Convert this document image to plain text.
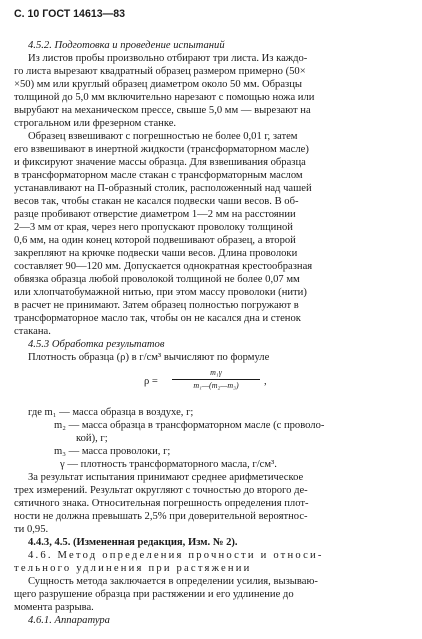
С. 10 ГОСТ 14613—83
4.5.2. Подготовка и проведение испытаний
Из листов пробы произвольно отбирают три листа. Из каждо-
го листа вырезают квадратный образец размером примерно (50×
×50) мм или круглый образец диаметром около 50 мм. Образцы
толщиной до 5,0 мм включительно нарезают с помощью ножа или
вырубают на механическом прессе, свыше 5,0 мм — вырезают на
строгальном или фрезерном станке.
Образец взвешивают с погрешностью не более 0,01 г, затем
его взвешивают в инертной жидкости (трансформаторном масле)
и фиксируют значение массы образца. Для взвешивания образца
в трансформаторном масле стакан с трансформаторным маслом
устанавливают на П-образный столик, расположенный над чашей
весов так, чтобы стакан не касался подвески чаши весов. В об-
разце пробивают отверстие диаметром 1—2 мм на расстоянии
2—3 мм от края, через него пропускают проволоку толщиной
0,6 мм, на один конец которой подвешивают образец, а второй
закрепляют на крючке подвески чаши весов. Длина проволоки
составляет 90—120 мм. Допускается однократная крестообразная
обвязка образца любой проволокой толщиной не более 0,07 мм
или хлопчатобумажной нитью, при этом массу проволоки (нити)
в расчет не принимают. Затем образец полностью погружают в
трансформаторное масло так, чтобы он не касался дна и стенок
стакана.
4.5.3 Обработка результатов
Плотность образца (ρ) в г/см³ вычисляют по формуле
ρ =
m₁γ
m₁—(m₂—m₃)	,
где m₁ — масса образца в воздухе, г;
m₂ — масса образца в трансформаторном масле (с проволо-
кой), г;
m₃ — масса проволоки, г;
γ — плотность трансформаторного масла, г/см³.
За результат испытания принимают среднее арифметическое
трех измерений. Результат округляют с точностью до второго де-
сятичного знака. Относительная погрешность определения плот-
ности не должна превышать 2,5% при доверительной вероятнос-
ти 0,95.
4.4.3, 4.5. (Измененная редакция, Изм. № 2).
4.6. Метод определения прочности и относи-
тельного удлинения при растяжении
Сущность метода заключается в определении усилия, вызываю-
щего разрушение образца при растяжении и его удлинение до
момента разрыва.
4.6.1. Аппаратура
